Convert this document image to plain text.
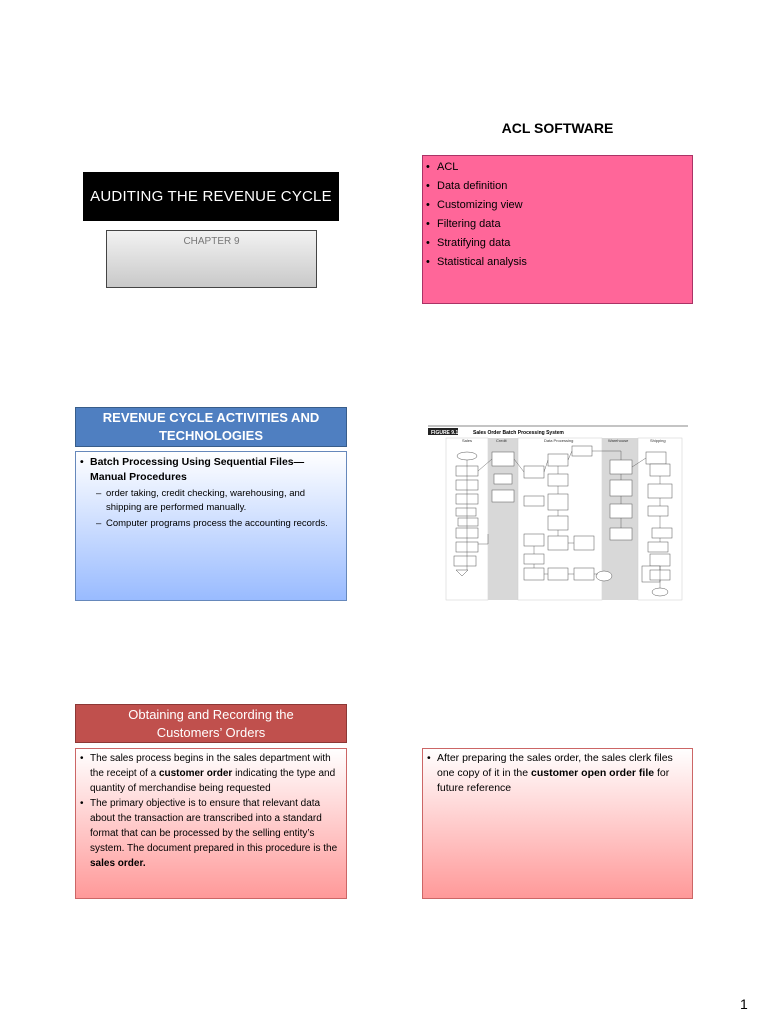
AUDITING THE REVENUE CYCLE
CHAPTER 9
ACL SOFTWARE
• ACL
• Data definition
• Customizing view
• Filtering data
• Stratifying data
• Statistical analysis
REVENUE CYCLE ACTIVITIES AND
TECHNOLOGIES
• Batch Processing Using Sequential Files—Manual Procedures
– order taking, credit checking, warehousing, and shipping are performed manually.
– Computer programs process the accounting records.
FIGURE 9.1	Sales Order Batch Processing System
Sales	Credit	Data Processing	Warehouse	Shipping
Obtaining and Recording the
Customers’ Orders
• The sales process begins in the sales department with the receipt of a customer order indicating the type and quantity of merchandise being requested
• The primary objective is to ensure that relevant data about the transaction are transcribed into a standard format that can be processed by the selling entity’s system. The document prepared in this procedure is the sales order.
• After preparing the sales order, the sales clerk files one copy of it in the customer open order file for future reference
1
